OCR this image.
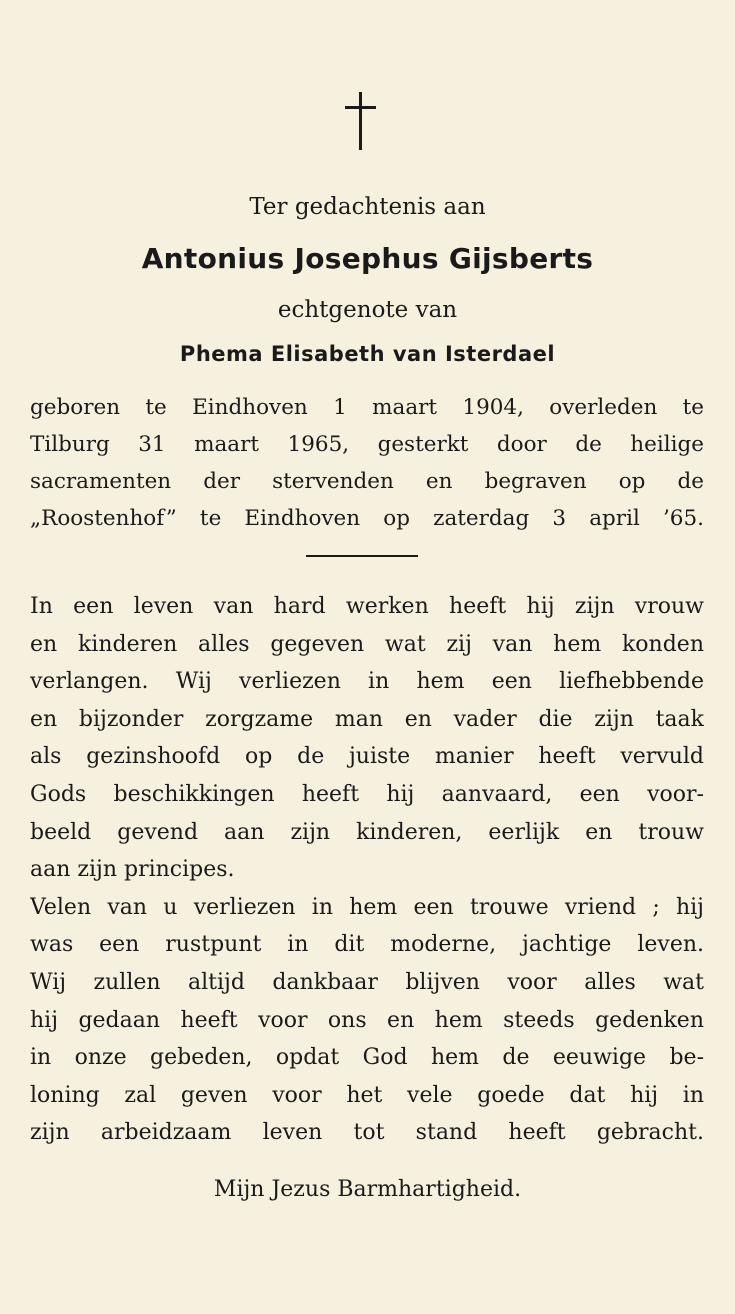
Ter gedachtenis aan
Antonius Josephus Gijsberts
echtgenote van
Phema Elisabeth van Isterdael
geboren te Eindhoven 1 maart 1904, overleden te
Tilburg 31 maart 1965, gesterkt door de heilige
sacramenten der stervenden en begraven op de
„Roostenhof” te Eindhoven op zaterdag 3 april ’65.
In een leven van hard werken heeft hij zijn vrouw
en kinderen alles gegeven wat zij van hem konden
verlangen. Wij verliezen in hem een liefhebbende
en bijzonder zorgzame man en vader die zijn taak
als gezinshoofd op de juiste manier heeft vervuld
Gods beschikkingen heeft hij aanvaard, een voor-
beeld gevend aan zijn kinderen, eerlijk en trouw
aan zijn principes.
Velen van u verliezen in hem een trouwe vriend ; hij
was een rustpunt in dit moderne, jachtige leven.
Wij zullen altijd dankbaar blijven voor alles wat
hij gedaan heeft voor ons en hem steeds gedenken
in onze gebeden, opdat God hem de eeuwige be-
loning zal geven voor het vele goede dat hij in
zijn arbeidzaam leven tot stand heeft gebracht.
Mijn Jezus Barmhartigheid.
